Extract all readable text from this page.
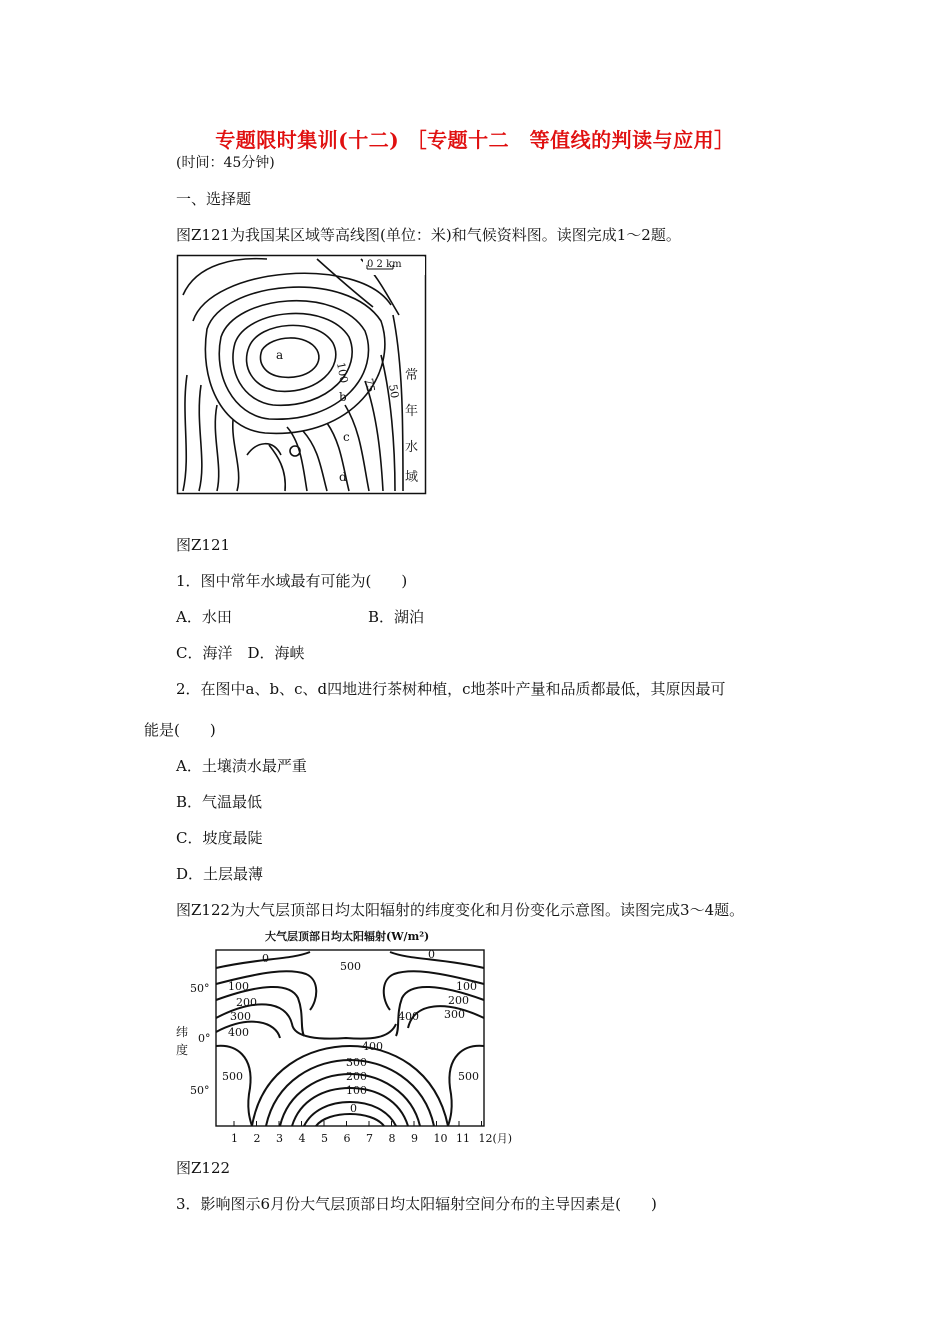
专题限时集训(十二) ［专题十二　等值线的判读与应用］
(时间：45分钟)
一、选择题
图Z121为我国某区域等高线图(单位：米)和气候资料图。读图完成1～2题。
0 2 km
a
b
c
d
100
75 50
常
年
水
域
图Z121
1．图中常年水域最有可能为(　　)
A．水田	B．湖泊
C．海洋　D．海峡
2．在图中a、b、c、d四地进行茶树种植，c地茶叶产量和品质都最低，其原因最可
能是(　　)
A．土壤渍水最严重
B．气温最低
C．坡度最陡
D．土层最薄
图Z122为大气层顶部日均太阳辐射的纬度变化和月份变化示意图。读图完成3～4题。
大气层顶部日均太阳辐射(W/m²)
0
100
200
300
400
0
100
200
300
500
400
400
300
200
100
0
500	500
纬
度
50°
0°
50°
1 2 3 4 5 6 7 8 9 10 11 12(月)
图Z122
3．影响图示6月份大气层顶部日均太阳辐射空间分布的主导因素是(　　)
